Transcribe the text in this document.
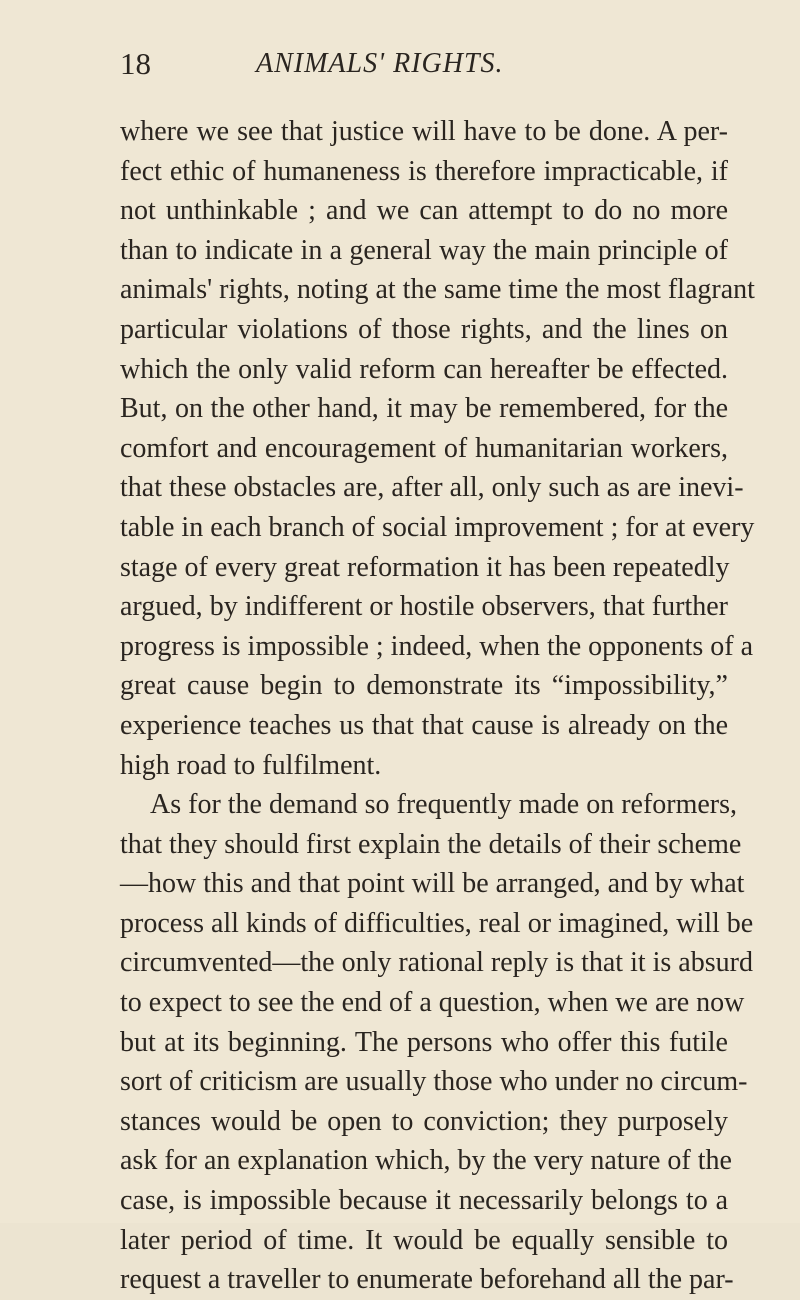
18	ANIMALS' RIGHTS.
where we see that justice will have to be done. A per-
fect ethic of humaneness is therefore impracticable, if
not unthinkable ; and we can attempt to do no more
than to indicate in a general way the main principle of
animals' rights, noting at the same time the most flagrant
particular violations of those rights, and the lines on
which the only valid reform can hereafter be effected.
But, on the other hand, it may be remembered, for the
comfort and encouragement of humanitarian workers,
that these obstacles are, after all, only such as are inevi-
table in each branch of social improvement ; for at every
stage of every great reformation it has been repeatedly
argued, by indifferent or hostile observers, that further
progress is impossible ; indeed, when the opponents of a
great cause begin to demonstrate its “impossibility,”
experience teaches us that that cause is already on the
high road to fulfilment.
As for the demand so frequently made on reformers,
that they should first explain the details of their scheme
—how this and that point will be arranged, and by what
process all kinds of difficulties, real or imagined, will be
circumvented—the only rational reply is that it is absurd
to expect to see the end of a question, when we are now
but at its beginning. The persons who offer this futile
sort of criticism are usually those who under no circum-
stances would be open to conviction; they purposely
ask for an explanation which, by the very nature of the
case, is impossible because it necessarily belongs to a
later period of time. It would be equally sensible to
request a traveller to enumerate beforehand all the par-
